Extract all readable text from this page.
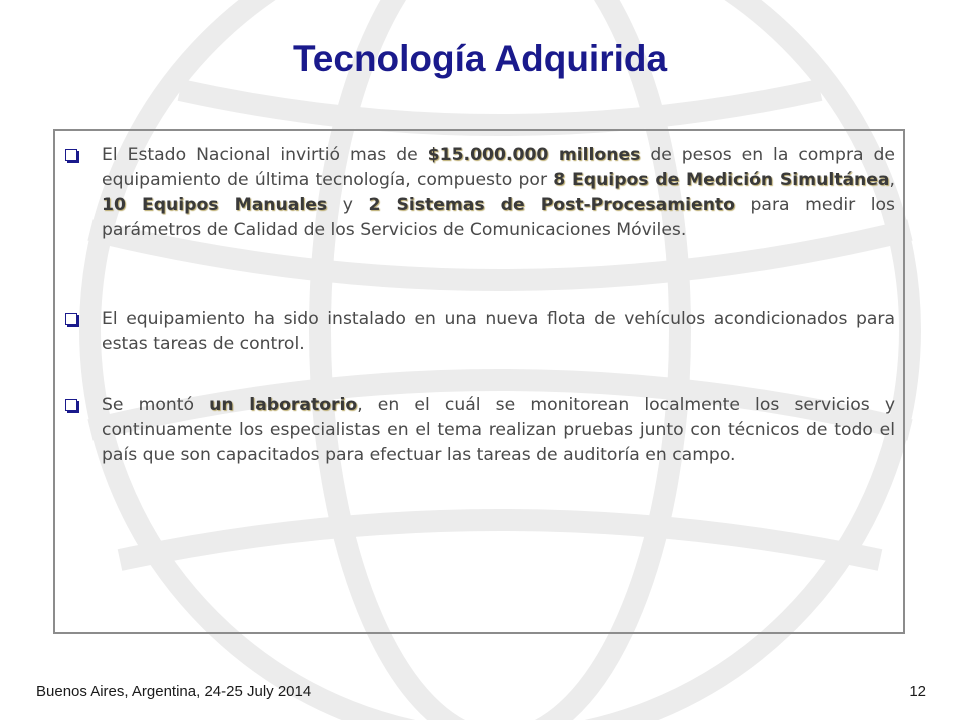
Tecnología Adquirida
El Estado Nacional invirtió mas de $15.000.000 millones de pesos en la compra de equipamiento de última tecnología, compuesto por 8 Equipos de Medición Simultánea, 10 Equipos Manuales y 2 Sistemas de Post-Procesamiento para medir los parámetros de Calidad de los Servicios de Comunicaciones Móviles.
El equipamiento ha sido instalado en una nueva flota de vehículos acondicionados para estas tareas de control.
Se montó un laboratorio, en el cuál se monitorean localmente los servicios y continuamente los especialistas en el tema realizan pruebas junto con técnicos de todo el país que son capacitados para efectuar las tareas de auditoría en campo.
Buenos Aires, Argentina, 24-25 July 2014	12
